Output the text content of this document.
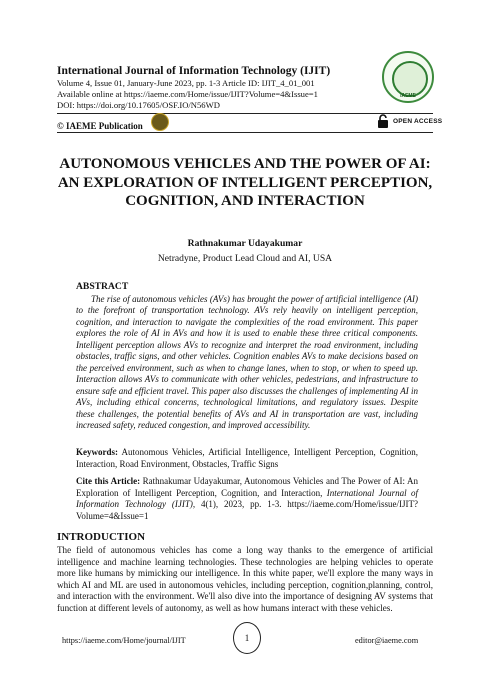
International Journal of Information Technology (IJIT)
Volume 4, Issue 01, January-June 2023, pp. 1-3 Article ID: IJIT_4_01_001
Available online at https://iaeme.com/Home/issue/IJIT?Volume=4&Issue=1
DOI: https://doi.org/10.17605/OSF.IO/N56WD
IAEME
© IAEME Publication	OPEN ACCESS
AUTONOMOUS VEHICLES AND THE POWER OF AI: AN EXPLORATION OF INTELLIGENT PERCEPTION, COGNITION, AND INTERACTION
Rathnakumar Udayakumar
Netradyne, Product Lead Cloud and AI, USA
ABSTRACT
The rise of autonomous vehicles (AVs) has brought the power of artificial intelligence (AI) to the forefront of transportation technology. AVs rely heavily on intelligent perception, cognition, and interaction to navigate the complexities of the road environment. This paper explores the role of AI in AVs and how it is used to enable these three critical components. Intelligent perception allows AVs to recognize and interpret the road environment, including obstacles, traffic signs, and other vehicles. Cognition enables AVs to make decisions based on the perceived environment, such as when to change lanes, when to stop, or when to speed up. Interaction allows AVs to communicate with other vehicles, pedestrians, and infrastructure to ensure safe and efficient travel. This paper also discusses the challenges of implementing AI in AVs, including ethical concerns, technological limitations, and regulatory issues. Despite these challenges, the potential benefits of AVs and AI in transportation are vast, including increased safety, reduced congestion, and improved accessibility.
Keywords: Autonomous Vehicles, Artificial Intelligence, Intelligent Perception, Cognition, Interaction, Road Environment, Obstacles, Traffic Signs
Cite this Article: Rathnakumar Udayakumar, Autonomous Vehicles and The Power of AI: An Exploration of Intelligent Perception, Cognition, and Interaction, International Journal of Information Technology (IJIT), 4(1), 2023, pp. 1-3. https://iaeme.com/Home/issue/IJIT?Volume=4&Issue=1
INTRODUCTION
The field of autonomous vehicles has come a long way thanks to the emergence of artificial intelligence and machine learning technologies. These technologies are helping vehicles to operate more like humans by mimicking our intelligence. In this white paper, we'll explore the many ways in which AI and ML are used in autonomous vehicles, including perception, cognition,planning, control, and interaction with the environment. We'll also dive into the importance of designing AV systems that function at different levels of autonomy, as well as how humans interact with these vehicles.
https://iaeme.com/Home/journal/IJIT	1	editor@iaeme.com
